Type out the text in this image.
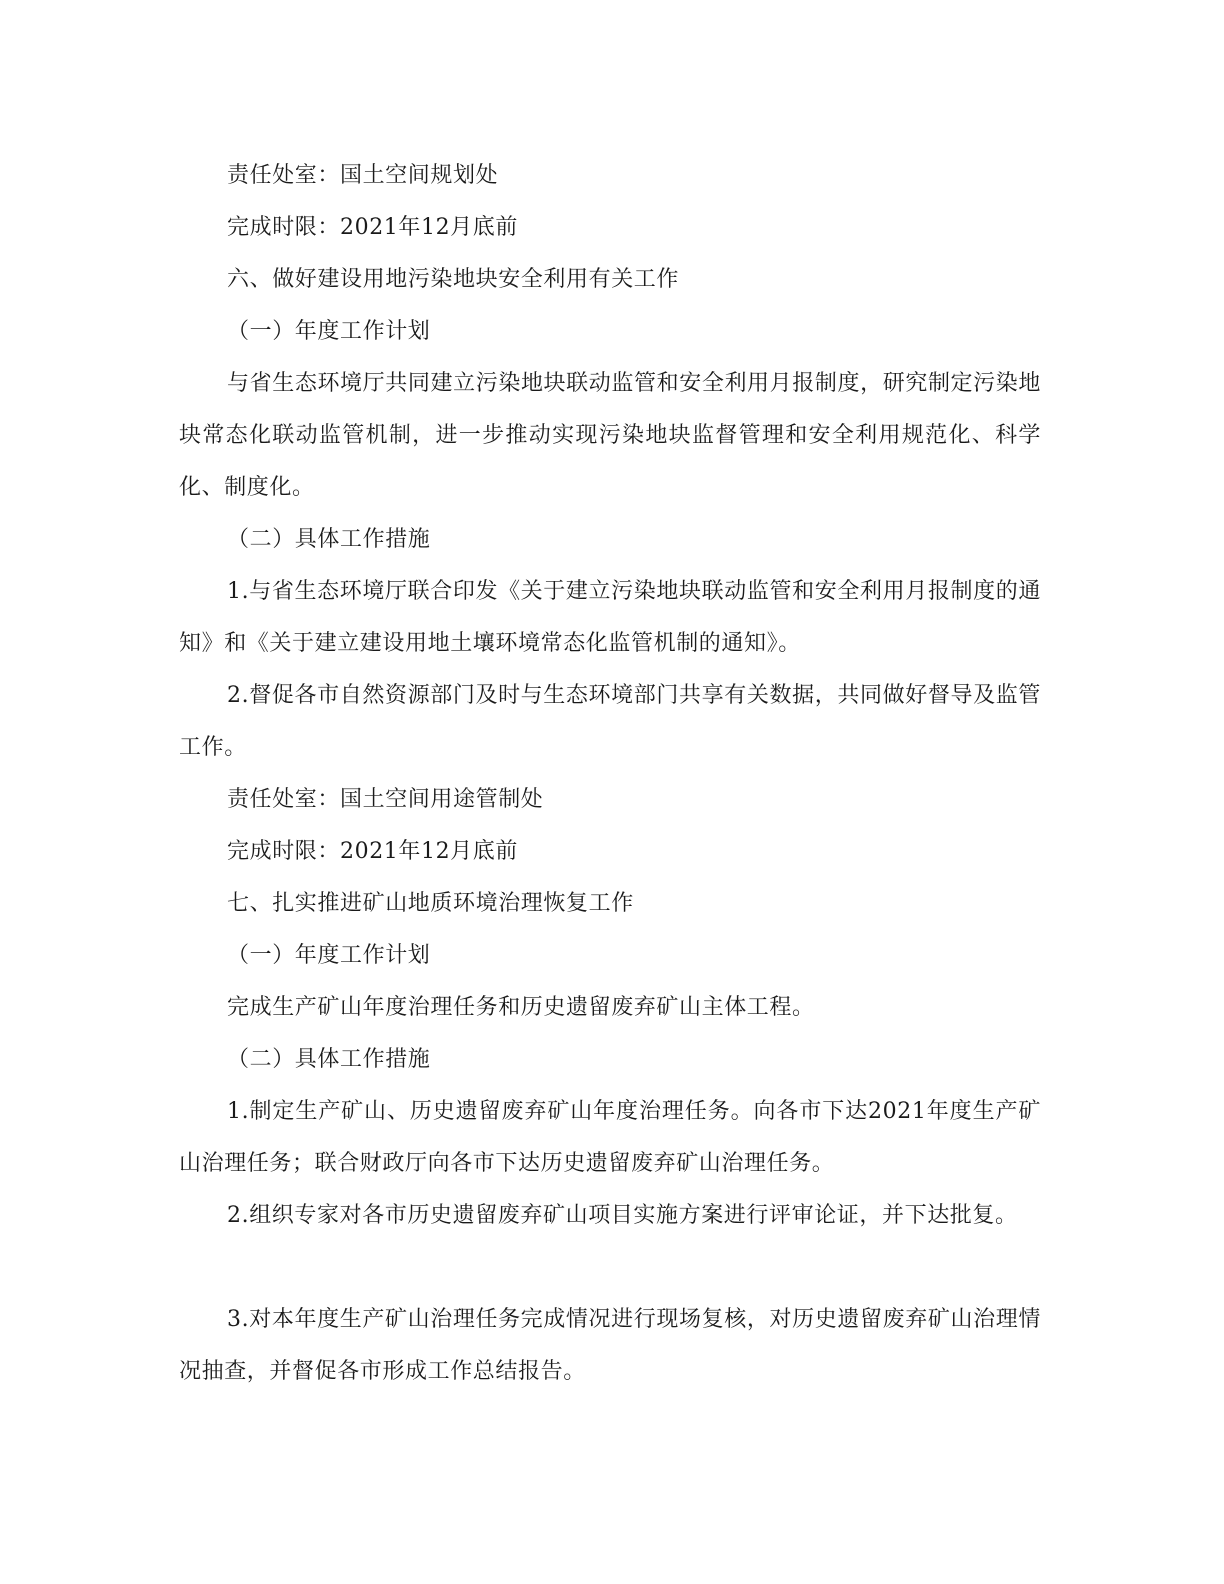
责任处室：国土空间规划处

完成时限：2021年12月底前

六、做好建设用地污染地块安全利用有关工作

（一）年度工作计划

与省生态环境厅共同建立污染地块联动监管和安全利用月报制度，研究制定污染地块常态化联动监管机制，进一步推动实现污染地块监督管理和安全利用规范化、科学化、制度化。

（二）具体工作措施

1.与省生态环境厅联合印发《关于建立污染地块联动监管和安全利用月报制度的通知》和《关于建立建设用地土壤环境常态化监管机制的通知》。

2.督促各市自然资源部门及时与生态环境部门共享有关数据，共同做好督导及监管工作。

责任处室：国土空间用途管制处

完成时限：2021年12月底前

七、扎实推进矿山地质环境治理恢复工作

（一）年度工作计划

完成生产矿山年度治理任务和历史遗留废弃矿山主体工程。

（二）具体工作措施

1.制定生产矿山、历史遗留废弃矿山年度治理任务。向各市下达2021年度生产矿山治理任务；联合财政厅向各市下达历史遗留废弃矿山治理任务。

2.组织专家对各市历史遗留废弃矿山项目实施方案进行评审论证，并下达批复。

3.对本年度生产矿山治理任务完成情况进行现场复核，对历史遗留废弃矿山治理情况抽查，并督促各市形成工作总结报告。
